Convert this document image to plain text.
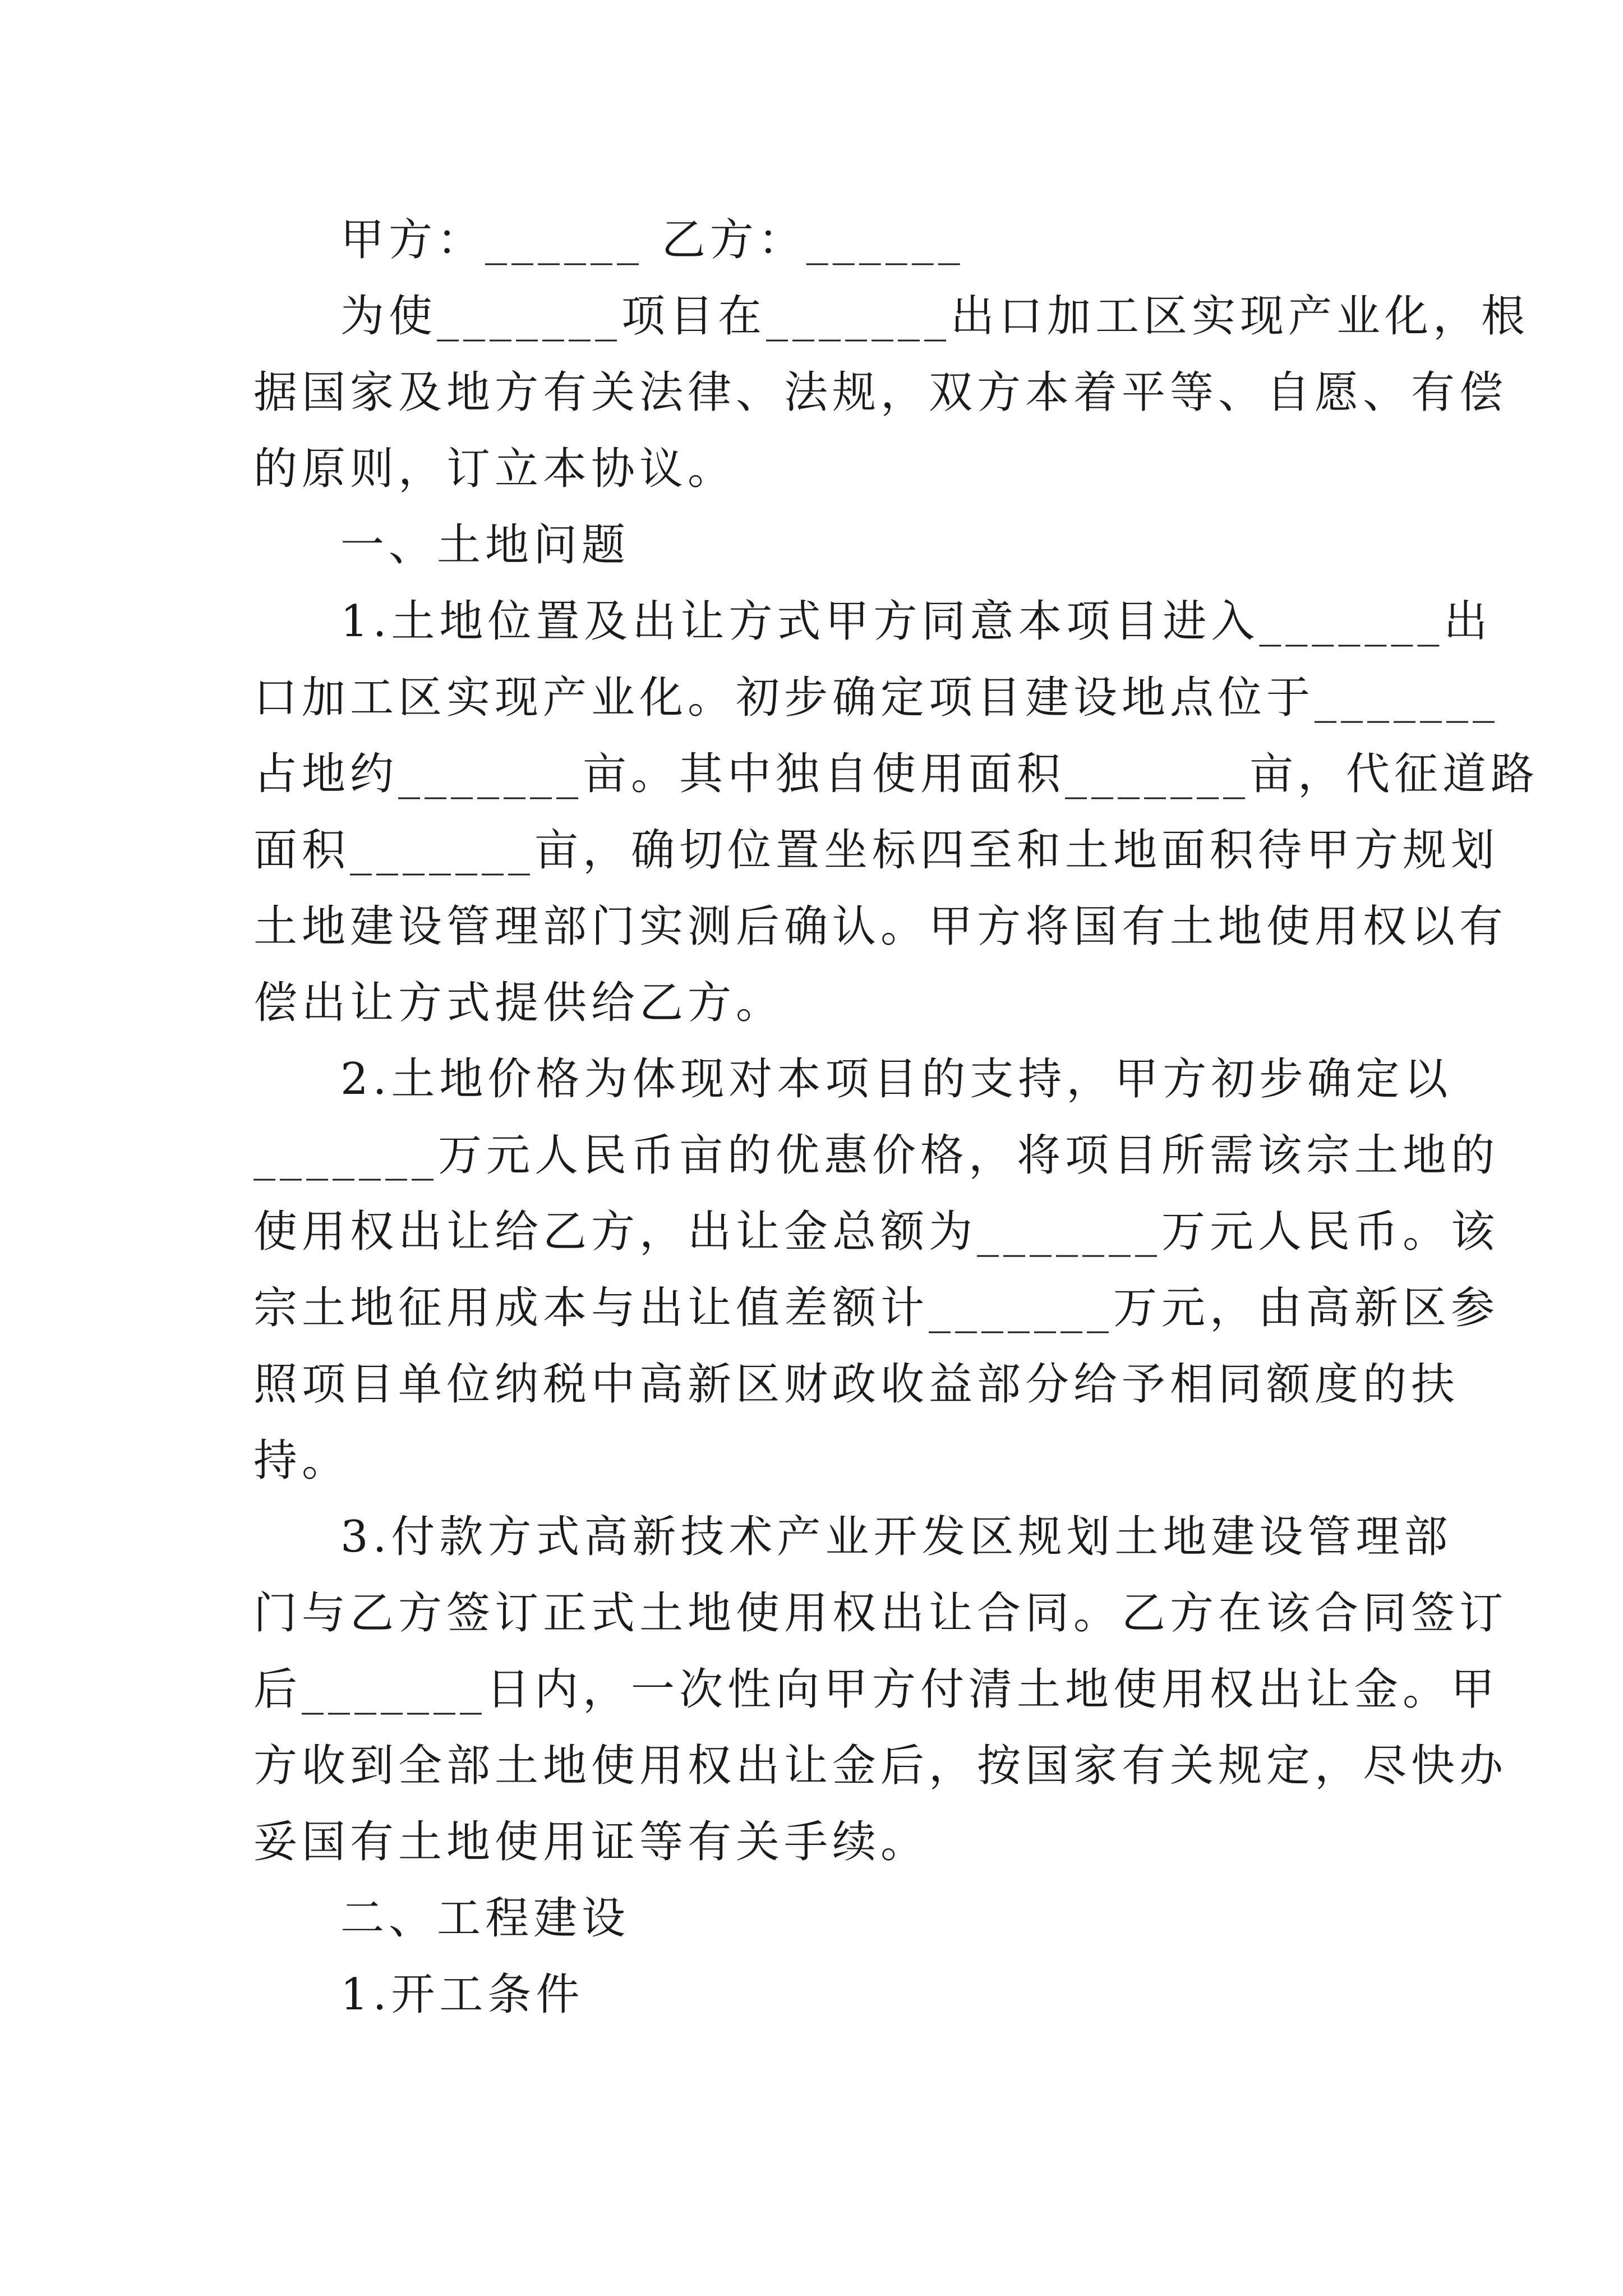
甲方：______ 乙方：______
为使_______项目在_______出口加工区实现产业化，根
据国家及地方有关法律、法规，双方本着平等、自愿、有偿
的原则，订立本协议。
一、土地问题
1.土地位置及出让方式甲方同意本项目进入_______出
口加工区实现产业化。初步确定项目建设地点位于_______
占地约_______亩。其中独自使用面积_______亩，代征道路
面积_______亩，确切位置坐标四至和土地面积待甲方规划
土地建设管理部门实测后确认。甲方将国有土地使用权以有
偿出让方式提供给乙方。
2.土地价格为体现对本项目的支持，甲方初步确定以
_______万元人民币亩的优惠价格，将项目所需该宗土地的
使用权出让给乙方，出让金总额为_______万元人民币。该
宗土地征用成本与出让值差额计_______万元，由高新区参
照项目单位纳税中高新区财政收益部分给予相同额度的扶
持。
3.付款方式高新技术产业开发区规划土地建设管理部
门与乙方签订正式土地使用权出让合同。乙方在该合同签订
后_______日内，一次性向甲方付清土地使用权出让金。甲
方收到全部土地使用权出让金后，按国家有关规定，尽快办
妥国有土地使用证等有关手续。
二、工程建设
1.开工条件
